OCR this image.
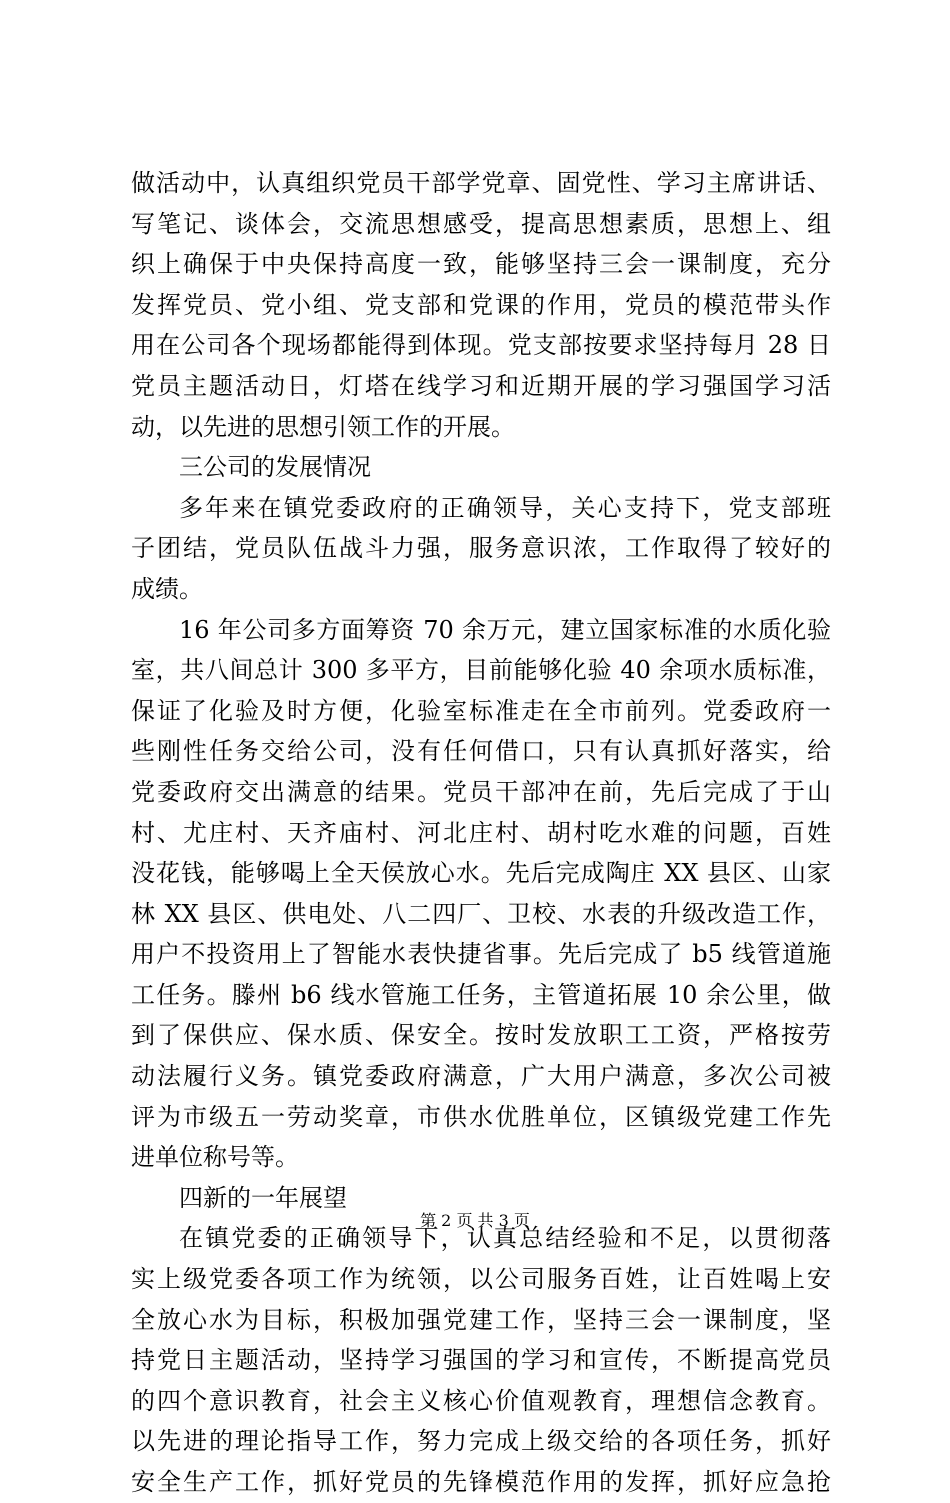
做活动中，认真组织党员干部学党章、固党性、学习主席讲话、
写笔记、谈体会，交流思想感受，提高思想素质，思想上、组
织上确保于中央保持高度一致，能够坚持三会一课制度，充分
发挥党员、党小组、党支部和党课的作用，党员的模范带头作
用在公司各个现场都能得到体现。党支部按要求坚持每月 28 日
党员主题活动日，灯塔在线学习和近期开展的学习强国学习活
动，以先进的思想引领工作的开展。
三公司的发展情况
多年来在镇党委政府的正确领导，关心支持下，党支部班
子团结，党员队伍战斗力强，服务意识浓，工作取得了较好的
成绩。
16 年公司多方面筹资 70 余万元，建立国家标准的水质化验
室，共八间总计 300 多平方，目前能够化验 40 余项水质标准，
保证了化验及时方便，化验室标准走在全市前列。党委政府一
些刚性任务交给公司，没有任何借口，只有认真抓好落实，给
党委政府交出满意的结果。党员干部冲在前，先后完成了于山
村、尤庄村、天齐庙村、河北庄村、胡村吃水难的问题，百姓
没花钱，能够喝上全天侯放心水。先后完成陶庄 XX 县区、山家
林 XX 县区、供电处、八二四厂、卫校、水表的升级改造工作，
用户不投资用上了智能水表快捷省事。先后完成了 b5 线管道施
工任务。滕州 b6 线水管施工任务，主管道拓展 10 余公里，做
到了保供应、保水质、保安全。按时发放职工工资，严格按劳
动法履行义务。镇党委政府满意，广大用户满意，多次公司被
评为市级五一劳动奖章，市供水优胜单位，区镇级党建工作先
进单位称号等。
四新的一年展望
在镇党委的正确领导下，认真总结经验和不足，以贯彻落
实上级党委各项工作为统领，以公司服务百姓，让百姓喝上安
全放心水为目标，积极加强党建工作，坚持三会一课制度，坚
持党日主题活动，坚持学习强国的学习和宣传，不断提高党员
的四个意识教育，社会主义核心价值观教育，理想信念教育。
以先进的理论指导工作，努力完成上级交给的各项任务，抓好
安全生产工作，抓好党员的先锋模范作用的发挥，抓好应急抢
第 2 页 共 3 页
